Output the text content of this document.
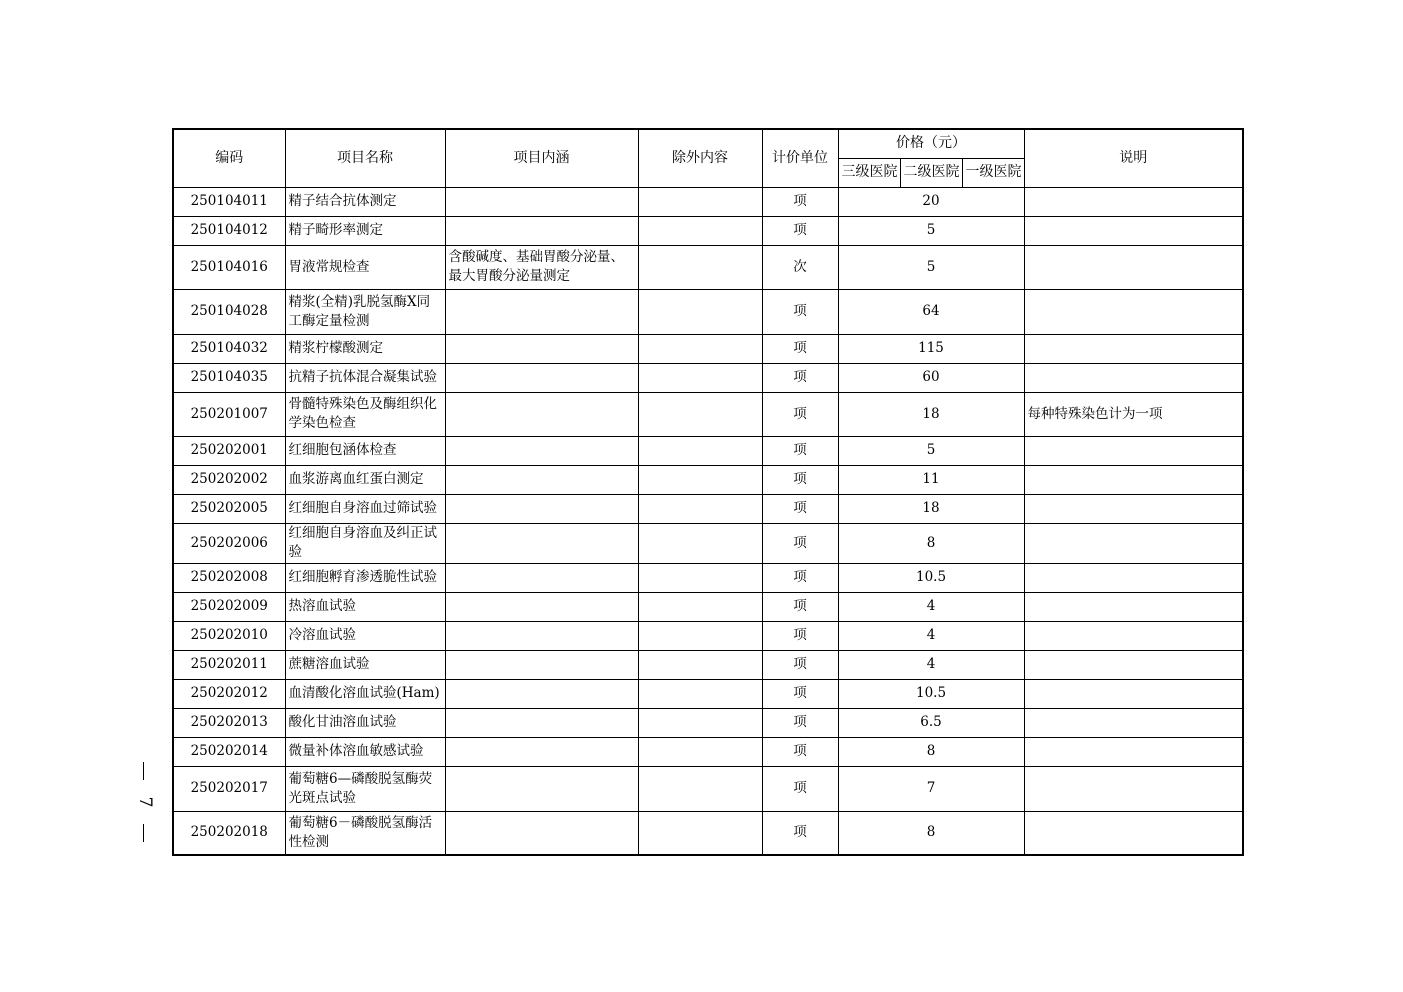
编码	项目名称	项目内涵	除外内容	计价单位	价格（元）			说明
					三级医院	二级医院	一级医院	
250104011	精子结合抗体测定			项	20			
250104012	精子畸形率测定			项	5			
250104016	胃液常规检查	含酸碱度、基础胃酸分泌量、最大胃酸分泌量测定		次	5			
250104028	精浆(全精)乳脱氢酶X同工酶定量检测			项	64			
250104032	精浆柠檬酸测定			项	115			
250104035	抗精子抗体混合凝集试验			项	60			
250201007	骨髓特殊染色及酶组织化学染色检查			项	18			每种特殊染色计为一项
250202001	红细胞包涵体检查			项	5			
250202002	血浆游离血红蛋白测定			项	11			
250202005	红细胞自身溶血过筛试验			项	18			
250202006	红细胞自身溶血及纠正试验			项	8			
250202008	红细胞孵育渗透脆性试验			项	10.5			
250202009	热溶血试验			项	4			
250202010	冷溶血试验			项	4			
250202011	蔗糖溶血试验			项	4			
250202012	血清酸化溶血试验(Ham)			项	10.5			
250202013	酸化甘油溶血试验			项	6.5			
250202014	微量补体溶血敏感试验			项	8			
250202017	葡萄糖6—磷酸脱氢酶荧光斑点试验			项	7			
250202018	葡萄糖6－磷酸脱氢酶活性检测			项	8			
7
